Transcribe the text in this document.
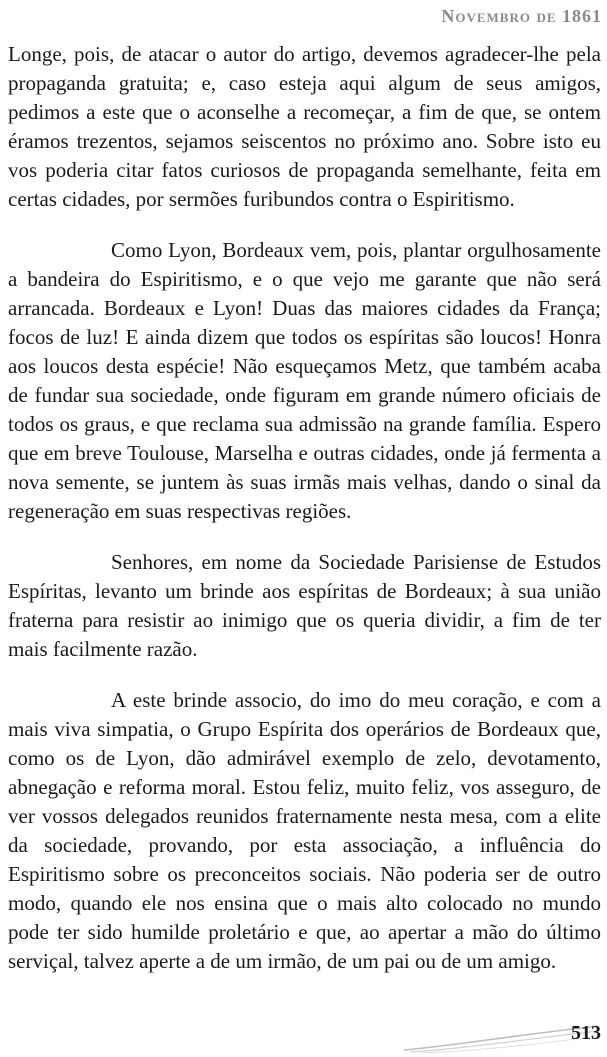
Novembro de 1861

Longe, pois, de atacar o autor do artigo, devemos agradecer-lhe pela propaganda gratuita; e, caso esteja aqui algum de seus amigos, pedimos a este que o aconselhe a recomeçar, a fim de que, se ontem éramos trezentos, sejamos seiscentos no próximo ano. Sobre isto eu vos poderia citar fatos curiosos de propaganda semelhante, feita em certas cidades, por sermões furibundos contra o Espiritismo.

Como Lyon, Bordeaux vem, pois, plantar orgulhosamente a bandeira do Espiritismo, e o que vejo me garante que não será arrancada. Bordeaux e Lyon! Duas das maiores cidades da França; focos de luz! E ainda dizem que todos os espíritas são loucos! Honra aos loucos desta espécie! Não esqueçamos Metz, que também acaba de fundar sua sociedade, onde figuram em grande número oficiais de todos os graus, e que reclama sua admissão na grande família. Espero que em breve Toulouse, Marselha e outras cidades, onde já fermenta a nova semente, se juntem às suas irmãs mais velhas, dando o sinal da regeneração em suas respectivas regiões.

Senhores, em nome da Sociedade Parisiense de Estudos Espíritas, levanto um brinde aos espíritas de Bordeaux; à sua união fraterna para resistir ao inimigo que os queria dividir, a fim de ter mais facilmente razão.

A este brinde associo, do imo do meu coração, e com a mais viva simpatia, o Grupo Espírita dos operários de Bordeaux que, como os de Lyon, dão admirável exemplo de zelo, devotamento, abnegação e reforma moral. Estou feliz, muito feliz, vos asseguro, de ver vossos delegados reunidos fraternamente nesta mesa, com a elite da sociedade, provando, por esta associação, a influência do Espiritismo sobre os preconceitos sociais. Não poderia ser de outro modo, quando ele nos ensina que o mais alto colocado no mundo pode ter sido humilde proletário e que, ao apertar a mão do último serviçal, talvez aperte a de um irmão, de um pai ou de um amigo.

513
